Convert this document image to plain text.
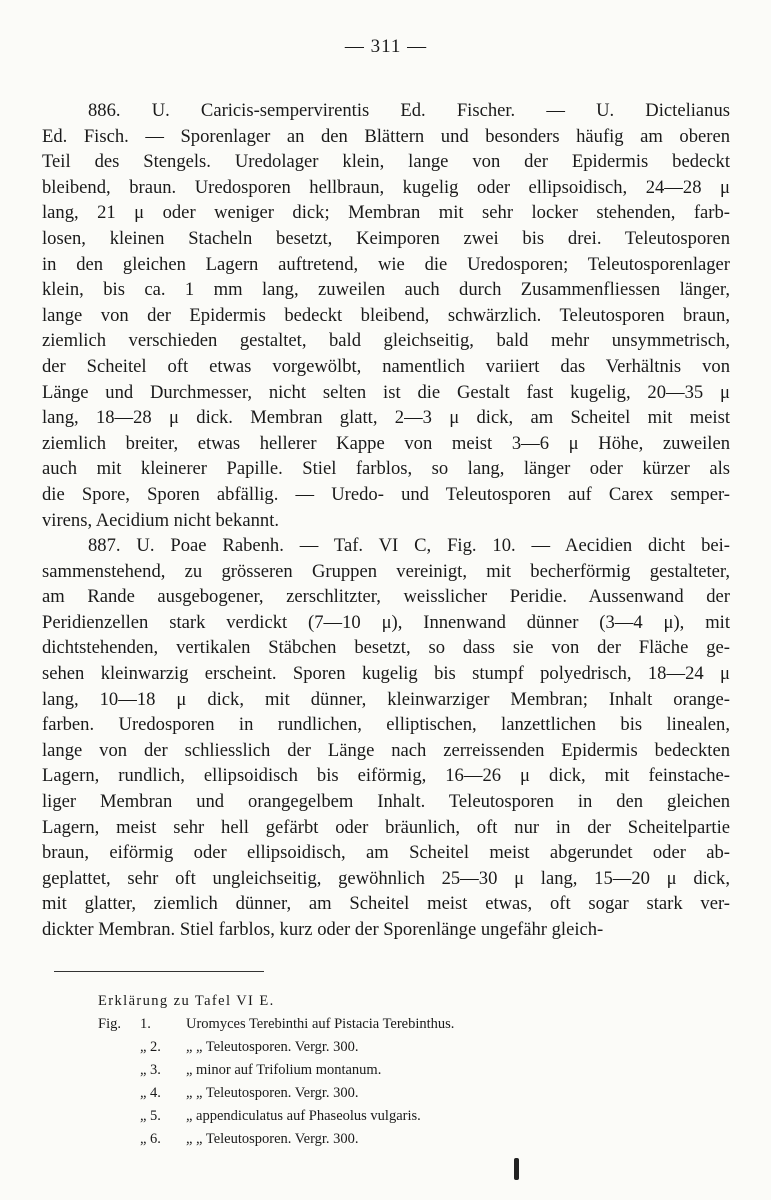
— 311 —
886. U. Caricis-sempervirentis Ed. Fischer. — U. Dictelianus
Ed. Fisch. — Sporenlager an den Blättern und besonders häufig am oberen
Teil des Stengels. Uredolager klein, lange von der Epidermis bedeckt
bleibend, braun. Uredosporen hellbraun, kugelig oder ellipsoidisch, 24—28 μ
lang, 21 μ oder weniger dick; Membran mit sehr locker stehenden, farb-
losen, kleinen Stacheln besetzt, Keimporen zwei bis drei. Teleutosporen
in den gleichen Lagern auftretend, wie die Uredosporen; Teleutosporenlager
klein, bis ca. 1 mm lang, zuweilen auch durch Zusammenfliessen länger,
lange von der Epidermis bedeckt bleibend, schwärzlich. Teleutosporen braun,
ziemlich verschieden gestaltet, bald gleichseitig, bald mehr unsymmetrisch,
der Scheitel oft etwas vorgewölbt, namentlich variiert das Verhältnis von
Länge und Durchmesser, nicht selten ist die Gestalt fast kugelig, 20—35 μ
lang, 18—28 μ dick. Membran glatt, 2—3 μ dick, am Scheitel mit meist
ziemlich breiter, etwas hellerer Kappe von meist 3—6 μ Höhe, zuweilen
auch mit kleinerer Papille. Stiel farblos, so lang, länger oder kürzer als
die Spore, Sporen abfällig. — Uredo- und Teleutosporen auf Carex semper-
virens, Aecidium nicht bekannt.
887. U. Poae Rabenh. — Taf. VI C, Fig. 10. — Aecidien dicht bei-
sammenstehend, zu grösseren Gruppen vereinigt, mit becherförmig gestalteter,
am Rande ausgebogener, zerschlitzter, weisslicher Peridie. Aussenwand der
Peridienzellen stark verdickt (7—10 μ), Innenwand dünner (3—4 μ), mit
dichtstehenden, vertikalen Stäbchen besetzt, so dass sie von der Fläche ge-
sehen kleinwarzig erscheint. Sporen kugelig bis stumpf polyedrisch, 18—24 μ
lang, 10—18 μ dick, mit dünner, kleinwarziger Membran; Inhalt orange-
farben. Uredosporen in rundlichen, elliptischen, lanzettlichen bis linealen,
lange von der schliesslich der Länge nach zerreissenden Epidermis bedeckten
Lagern, rundlich, ellipsoidisch bis eiförmig, 16—26 μ dick, mit feinstache-
liger Membran und orangegelbem Inhalt. Teleutosporen in den gleichen
Lagern, meist sehr hell gefärbt oder bräunlich, oft nur in der Scheitelpartie
braun, eiförmig oder ellipsoidisch, am Scheitel meist abgerundet oder ab-
geplattet, sehr oft ungleichseitig, gewöhnlich 25—30 μ lang, 15—20 μ dick,
mit glatter, ziemlich dünner, am Scheitel meist etwas, oft sogar stark ver-
dickter Membran. Stiel farblos, kurz oder der Sporenlänge ungefähr gleich-
Erklärung zu Tafel VI E.
Fig.	1.	Uromyces Terebinthi auf Pistacia Terebinthus.
„ 2.	„ „ Teleutosporen. Vergr. 300.
„ 3.	„ minor auf Trifolium montanum.
„ 4.	„ „ Teleutosporen. Vergr. 300.
„ 5.	„ appendiculatus auf Phaseolus vulgaris.
„ 6.	„ „ Teleutosporen. Vergr. 300.
